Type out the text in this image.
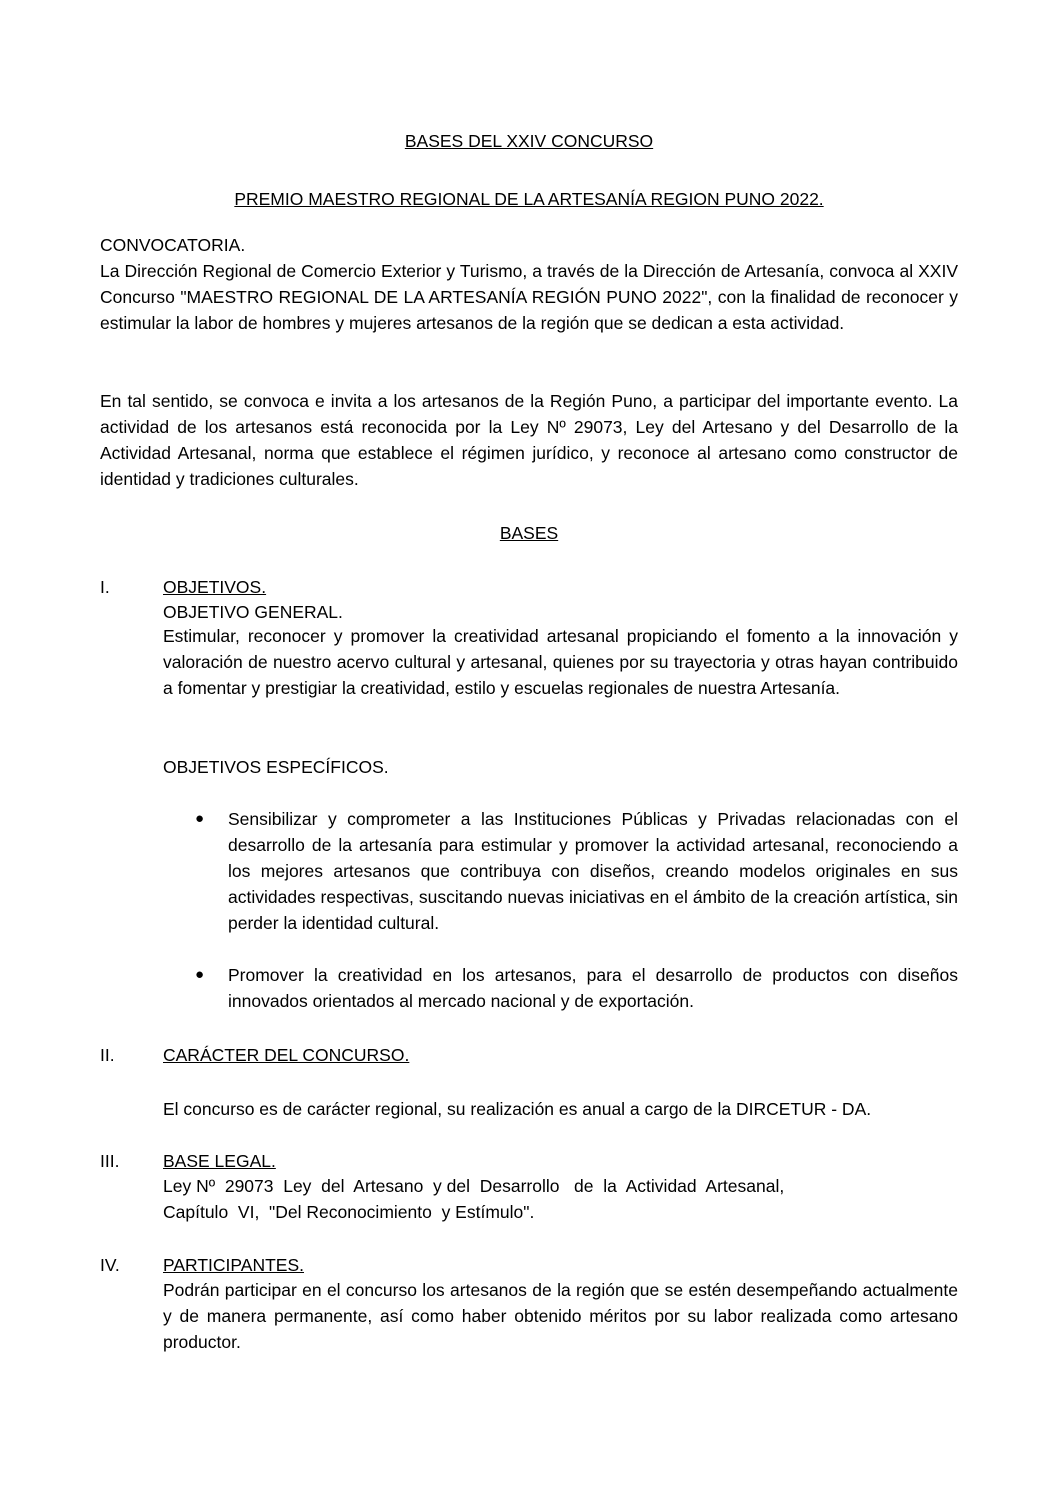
BASES DEL XXIV CONCURSO

PREMIO MAESTRO REGIONAL DE LA ARTESANÍA REGION PUNO 2022.

CONVOCATORIA.

La Dirección Regional de Comercio Exterior y Turismo, a través de la Dirección de Artesanía, convoca al XXIV Concurso "MAESTRO REGIONAL DE LA ARTESANÍA REGIÓN PUNO 2022", con la finalidad de reconocer y estimular la labor de hombres y mujeres artesanos de la región que se dedican a esta actividad.

En tal sentido, se convoca e invita a los artesanos de la Región Puno, a participar del importante evento. La actividad de los artesanos está reconocida por la Ley Nº 29073, Ley del Artesano y del Desarrollo de la Actividad Artesanal, norma que establece el régimen jurídico, y reconoce al artesano como constructor de identidad y tradiciones culturales.

BASES

I.	OBJETIVOS.

OBJETIVO GENERAL.

Estimular, reconocer y promover la creatividad artesanal propiciando el fomento a la innovación y valoración de nuestro acervo cultural y artesanal, quienes por su trayectoria y otras hayan contribuido a fomentar y prestigiar la creatividad, estilo y escuelas regionales de nuestra Artesanía.

OBJETIVOS ESPECÍFICOS.

● Sensibilizar y comprometer a las Instituciones Públicas y Privadas relacionadas con el desarrollo de la artesanía para estimular y promover la actividad artesanal, reconociendo a los mejores artesanos que contribuya con diseños, creando modelos originales en sus actividades respectivas, suscitando nuevas iniciativas en el ámbito de la creación artística, sin perder la identidad cultural.
● Promover la creatividad en los artesanos, para el desarrollo de productos con diseños innovados orientados al mercado nacional y de exportación.

II.	CARÁCTER DEL CONCURSO.

El concurso es de carácter regional, su realización es anual a cargo de la DIRCETUR - DA.

III. BASE LEGAL.

Ley Nº  29073  Ley  del  Artesano  y del  Desarrollo   de  la  Actividad  Artesanal,

Capítulo  VI,  "Del Reconocimiento  y Estímulo".

IV. PARTICIPANTES.

Podrán participar en el concurso los artesanos de la región que se estén desempeñando actualmente y de manera permanente, así como haber obtenido méritos por su labor realizada como artesano productor.
